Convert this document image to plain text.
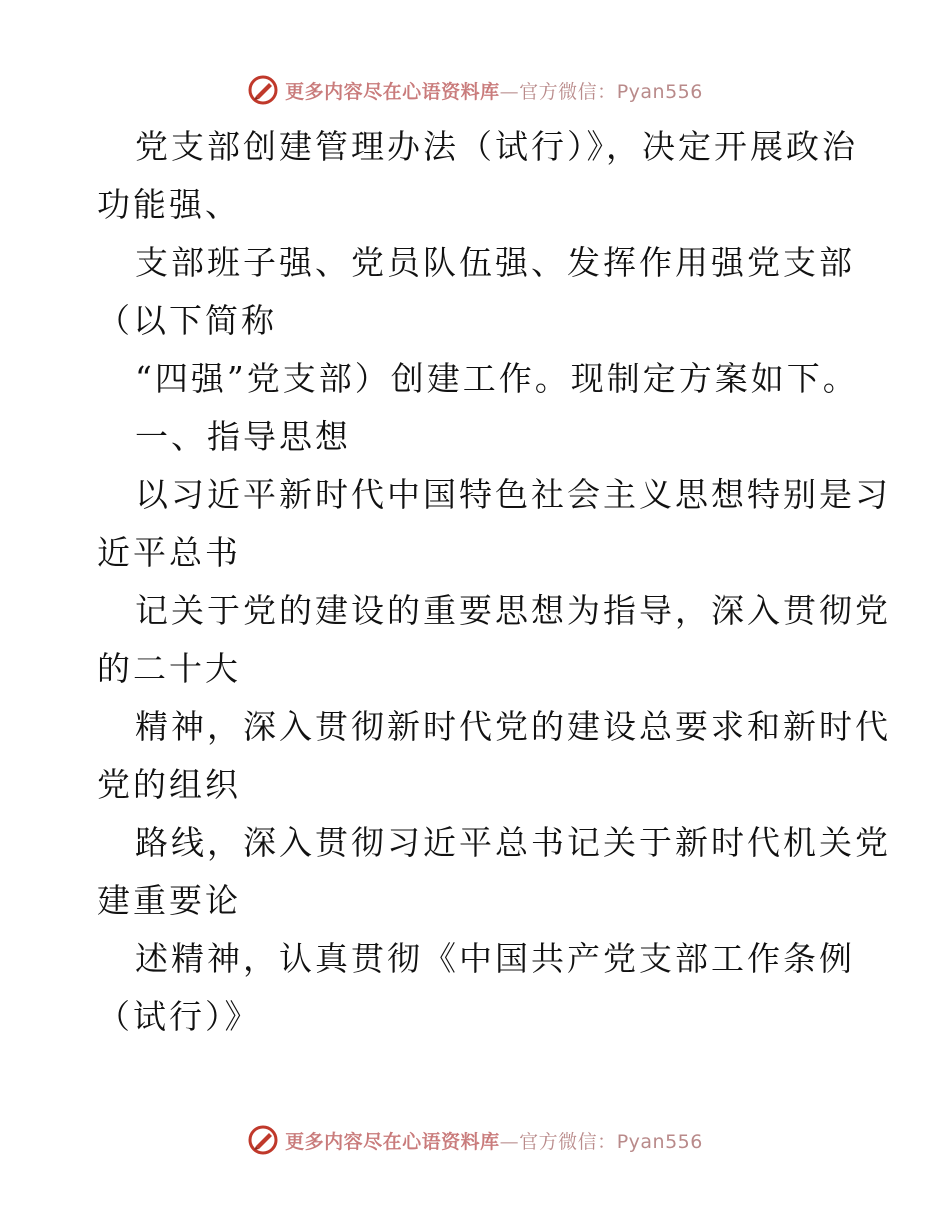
更多内容尽在心语资料库—官方微信：Pyan556
党支部创建管理办法（试行）》，决定开展政治
功能强、
支部班子强、党员队伍强、发挥作用强党支部
（以下简称
“四强”党支部）创建工作。现制定方案如下。
一、指导思想
以习近平新时代中国特色社会主义思想特别是习
近平总书
记关于党的建设的重要思想为指导，深入贯彻党
的二十大
精神，深入贯彻新时代党的建设总要求和新时代
党的组织
路线，深入贯彻习近平总书记关于新时代机关党
建重要论
述精神，认真贯彻《中国共产党支部工作条例
（试行）》
更多内容尽在心语资料库—官方微信：Pyan556
